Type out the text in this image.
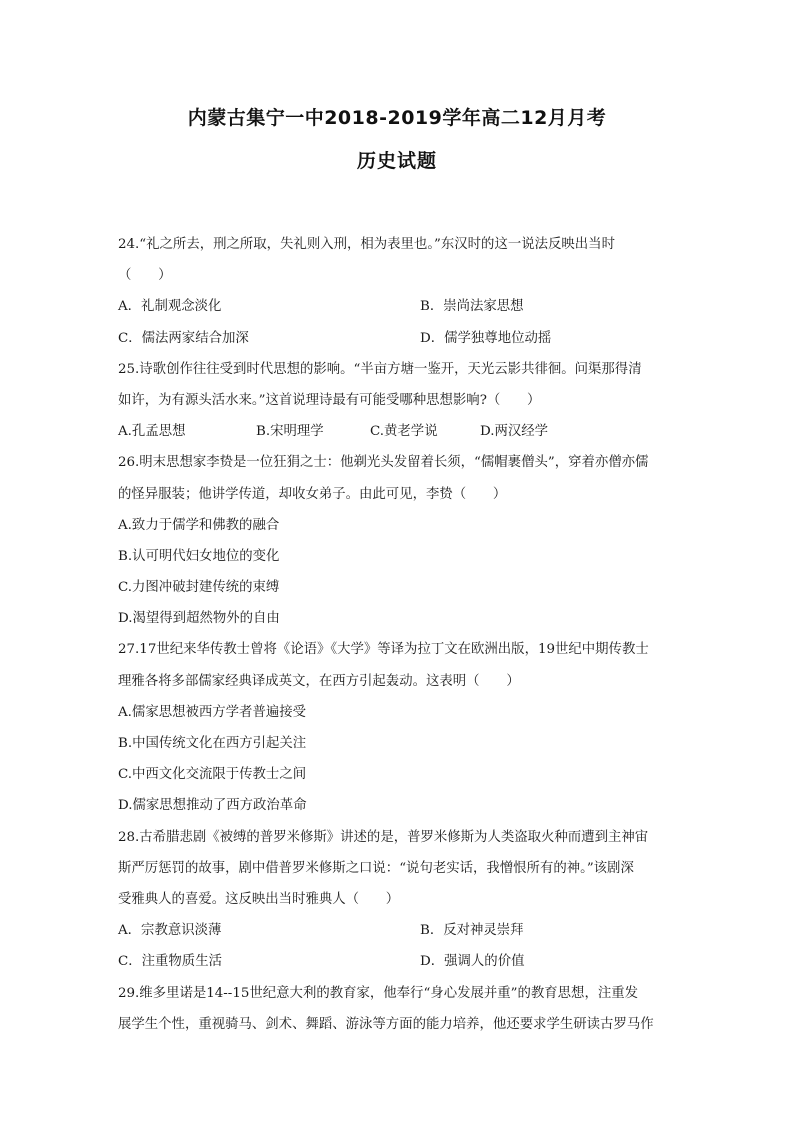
内蒙古集宁一中2018-2019学年高二12月月考
历史试题
24.“礼之所去，刑之所取，失礼则入刑，相为表里也。”东汉时的这一说法反映出当时
（　　）
A．礼制观念淡化	B．崇尚法家思想
C．儒法两家结合加深	D．儒学独尊地位动摇
25.诗歌创作往往受到时代思想的影响。“半亩方塘一鉴开，天光云影共徘徊。问渠那得清
如许，为有源头活水来。”这首说理诗最有可能受哪种思想影响?（　　）
A.孔孟思想	B.宋明理学	C.黄老学说	D.两汉经学
26.明末思想家李贽是一位狂狷之士：他剃光头发留着长须，“儒帽裹僧头”，穿着亦僧亦儒
的怪异服装；他讲学传道，却收女弟子。由此可见，李贽（　　）
A.致力于儒学和佛教的融合
B.认可明代妇女地位的变化
C.力图冲破封建传统的束缚
D.渴望得到超然物外的自由
27.17世纪来华传教士曾将《论语》《大学》等译为拉丁文在欧洲出版，19世纪中期传教士
理雅各将多部儒家经典译成英文，在西方引起轰动。这表明（　　）
A.儒家思想被西方学者普遍接受
B.中国传统文化在西方引起关注
C.中西文化交流限于传教士之间
D.儒家思想推动了西方政治革命
28.古希腊悲剧《被缚的普罗米修斯》讲述的是，普罗米修斯为人类盗取火种而遭到主神宙
斯严厉惩罚的故事，剧中借普罗米修斯之口说：“说句老实话，我憎恨所有的神。”该剧深
受雅典人的喜爱。这反映出当时雅典人（　　）
A．宗教意识淡薄	B．反对神灵崇拜
C．注重物质生活	D．强调人的价值
29.维多里诺是14--15世纪意大利的教育家，他奉行“身心发展并重”的教育思想，注重发
展学生个性，重视骑马、剑术、舞蹈、游泳等方面的能力培养，他还要求学生研读古罗马作
